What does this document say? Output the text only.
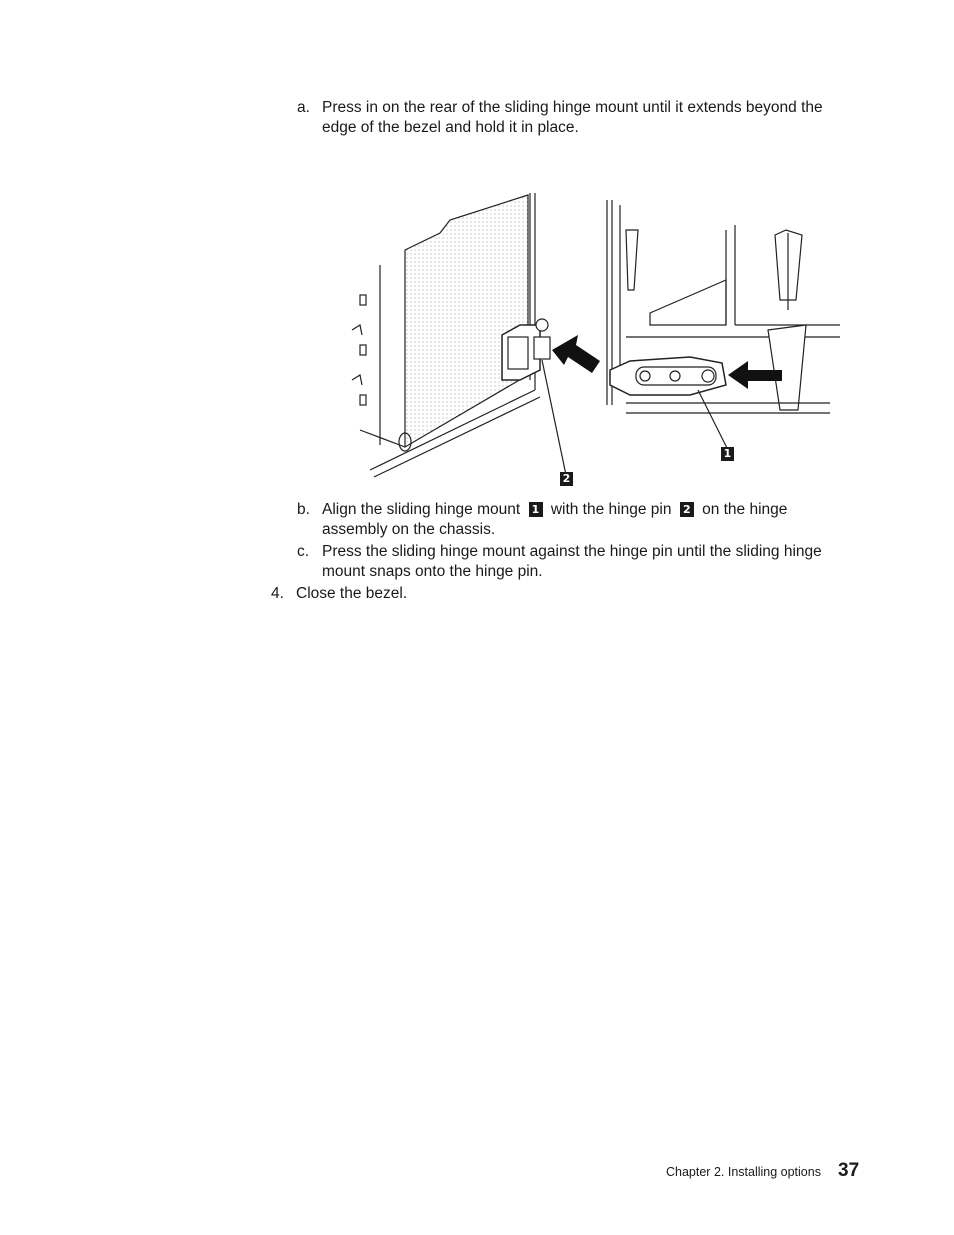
a. Press in on the rear of the sliding hinge mount until it extends beyond the edge of the bezel and hold it in place.
1
2
b. Align the sliding hinge mount 1 with the hinge pin 2 on the hinge assembly on the chassis.
c. Press the sliding hinge mount against the hinge pin until the sliding hinge mount snaps onto the hinge pin.
4. Close the bezel.
Chapter 2. Installing options 37
